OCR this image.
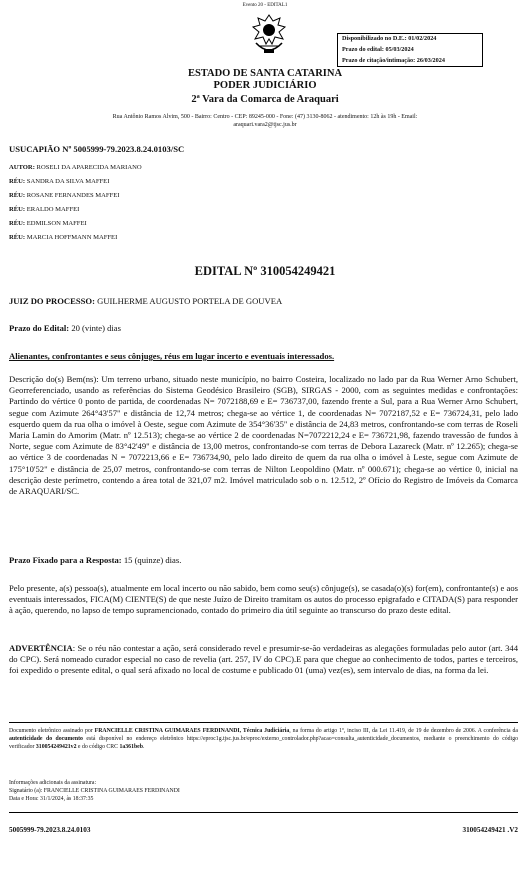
Evento 20 - EDITAL1
Disponibilizado no D.E.: 01/02/2024
Prazo do edital: 05/03/2024
Prazo de citação/intimação: 26/03/2024
ESTADO DE SANTA CATARINA
PODER JUDICIÁRIO
2ª Vara da Comarca de Araquari
Rua Antônio Ramos Alvim, 500 - Bairro: Centro - CEP: 89245-000 - Fone: (47) 3130-8062 - atendimento: 12h às 19h - Email:
araquari.vara2@tjsc.jus.br
USUCAPIÃO Nº 5005999-79.2023.8.24.0103/SC
AUTOR: ROSELI DA APARECIDA MARIANO
RÉU: SANDRA DA SILVA MAFFEI
RÉU: ROSANE FERNANDES MAFFEI
RÉU: ERALDO MAFFEI
RÉU: EDMILSON MAFFEI
RÉU: MARCIA HOFFMANN MAFFEI
EDITAL Nº 310054249421
JUIZ DO PROCESSO: GUILHERME AUGUSTO PORTELA DE GOUVEA
Prazo do Edital: 20 (vinte) dias
Alienantes, confrontantes e seus cônjuges, réus em lugar incerto e eventuais interessados.
Descrição do(s) Bem(ns): Um terreno urbano, situado neste município, no bairro Costeira, localizado no lado par da Rua Werner Arno Schubert, Georreferenciado, usando as referências do Sistema Geodésico Brasileiro (SGB), SIRGAS - 2000, com as seguintes medidas e confrontações: Partindo do vértice 0 ponto de partida, de coordenadas N= 7072188,69 e E= 736737,00, fazendo frente a Sul, para a Rua Werner Arno Schubert, segue com Azimute 264°43'57" e distância de 12,74 metros; chega-se ao vértice 1, de coordenadas N= 7072187,52 e E= 736724,31, pelo lado esquerdo quem da rua olha o imóvel à Oeste, segue com Azimute de 354°36'35" e distância de 24,83 metros, confrontando-se com terras de Roseli Maria Lamin do Amorim (Matr. nº 12.513); chega-se ao vértice 2 de coordenadas N=7072212,24 e E= 736721,98, fazendo travessão de fundos à Norte, segue com Azimute de 83°42'49" e distância de 13,00 metros, confrontando-se com terras de Debora Lazareck (Matr. nº 12.265); chega-se ao vértice 3 de coordenadas N = 7072213,66 e E= 736734,90, pelo lado direito de quem da rua olha o imóvel à Leste, segue com Azimute de 175°10'52" e distância de 25,07 metros, confrontando-se com terras de Nilton Leopoldino (Matr. nº 000.671); chega-se ao vértice 0, inicial na descrição deste perímetro, contendo a área total de 321,07 m2. Imóvel matriculado sob o n. 12.512, 2º Ofício do Registro de Imóveis da Comarca de ARAQUARI/SC.
Prazo Fixado para a Resposta: 15 (quinze) dias.
Pelo presente, a(s) pessoa(s), atualmente em local incerto ou não sabido, bem como seu(s) cônjuge(s), se casada(o)(s) for(em), confrontante(s) e aos eventuais interessados, FICA(M) CIENTE(S) de que neste Juízo de Direito tramitam os autos do processo epigrafado e CITADA(S) para responder à ação, querendo, no lapso de tempo supramencionado, contado do primeiro dia útil seguinte ao transcurso do prazo deste edital.
ADVERTÊNCIA: Se o réu não contestar a ação, será considerado revel e presumir-se-ão verdadeiras as alegações formuladas pelo autor (art. 344 do CPC). Será nomeado curador especial no caso de revelia (art. 257, IV do CPC).E para que chegue ao conhecimento de todos, partes e terceiros, foi expedido o presente edital, o qual será afixado no local de costume e publicado 01 (uma) vez(es), sem intervalo de dias, na forma da lei.
Documento eletrônico assinado por FRANCIELLE CRISTINA GUIMARAES FERDINANDI, Técnica Judiciária, na forma do artigo 1º, inciso III, da Lei 11.419, de 19 de dezembro de 2006. A conferência da autenticidade do documento está disponível no endereço eletrônico https://eproc1g.tjsc.jus.br/eproc/externo_controlador.php?acao=consulta_autenticidade_documentos, mediante o preenchimento do código verificador 310054249421v2 e do código CRC 1a361beb.
Informações adicionais da assinatura:
Signatário (a): FRANCIELLE CRISTINA GUIMARAES FERDINANDI
Data e Hora: 31/1/2024, às 18:37:35
5005999-79.2023.8.24.0103	310054249421 .V2
